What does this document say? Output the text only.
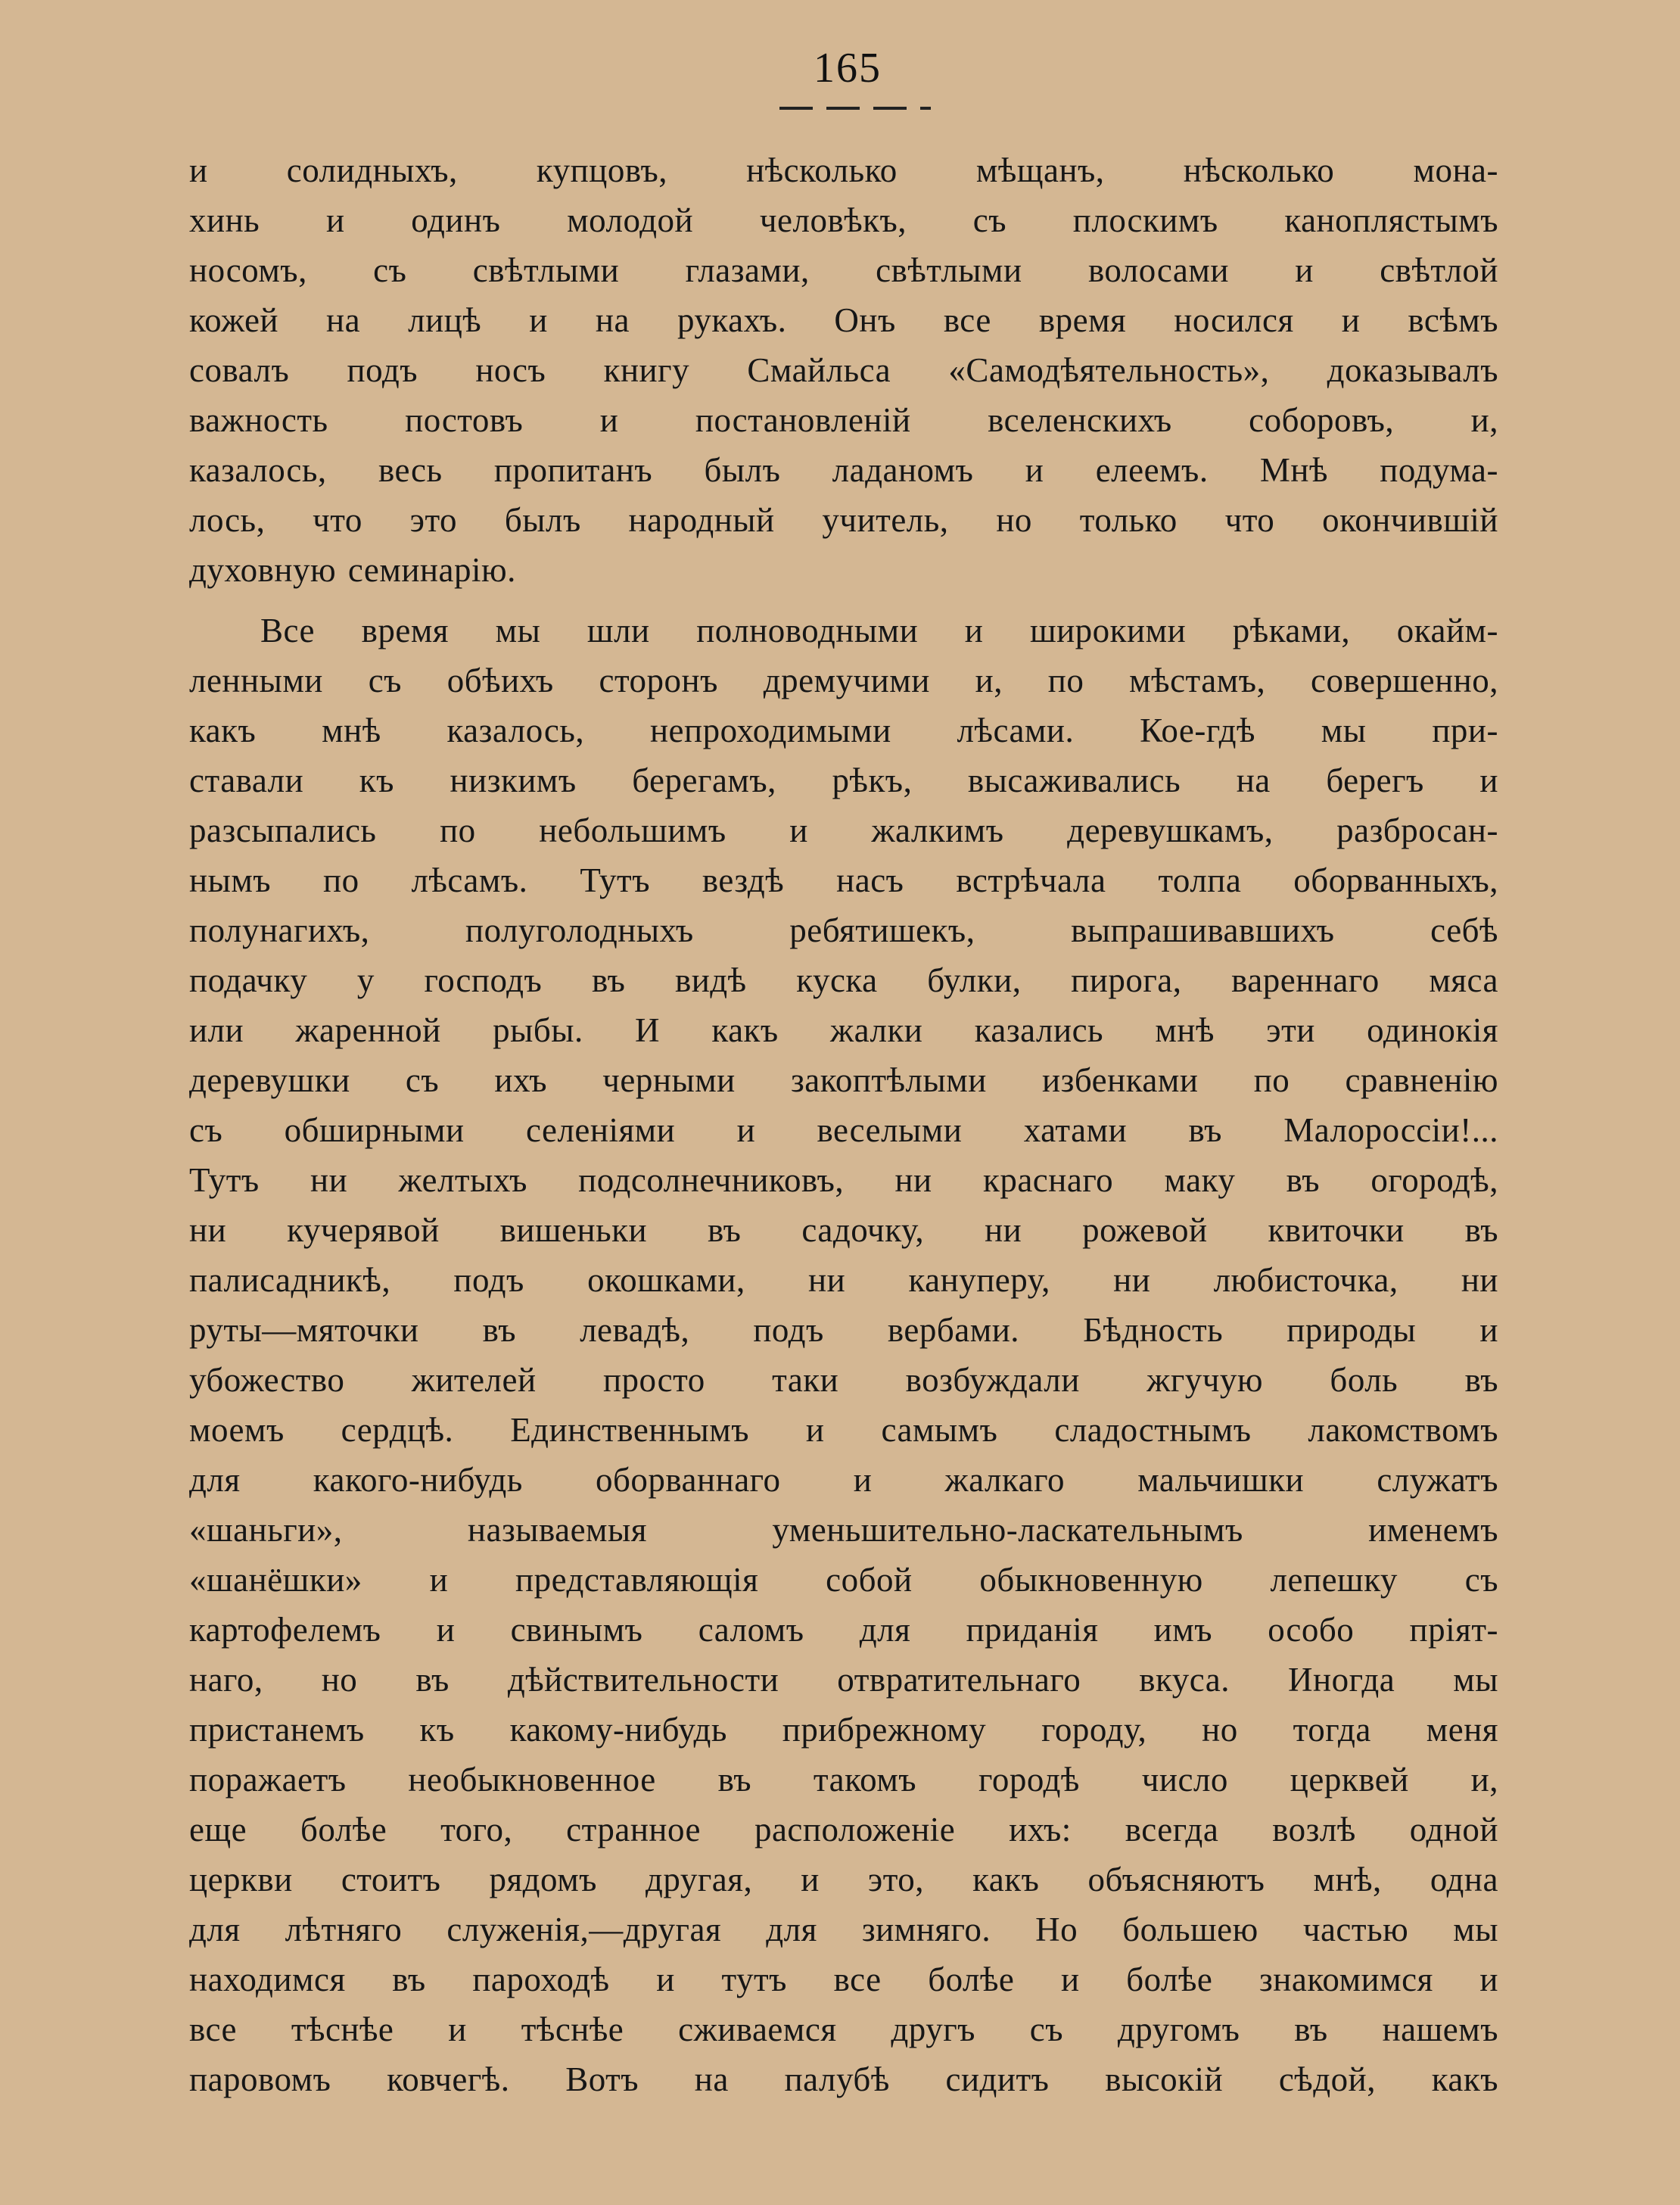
165
и солидныхъ, купцовъ, нѣсколько мѣщанъ, нѣсколько мона-
хинь и одинъ молодой человѣкъ, съ плоскимъ каноплястымъ
носомъ, съ свѣтлыми глазами, свѣтлыми волосами и свѣтлой
кожей на лицѣ и на рукахъ. Онъ все время носился и всѣмъ
совалъ подъ носъ книгу Смайльса «Самодѣятельность», доказывалъ
важность постовъ и постановленій вселенскихъ соборовъ, и,
казалось, весь пропитанъ былъ ладаномъ и елеемъ. Мнѣ подума-
лось, что это былъ народный учитель, но только что окончившій
духовную семинарію.
Все время мы шли полноводными и широкими рѣками, окайм-
ленными съ обѣихъ сторонъ дремучими и, по мѣстамъ, совершенно,
какъ мнѣ казалось, непроходимыми лѣсами. Кое-гдѣ мы при-
ставали къ низкимъ берегамъ, рѣкъ, высаживались на берегъ и
разсыпались по небольшимъ и жалкимъ деревушкамъ, разбросан-
нымъ по лѣсамъ. Тутъ вездѣ насъ встрѣчала толпа оборванныхъ,
полунагихъ, полуголодныхъ ребятишекъ, выпрашивавшихъ себѣ
подачку у господъ въ видѣ куска булки, пирога, вареннаго мяса
или жаренной рыбы. И какъ жалки казались мнѣ эти одинокія
деревушки съ ихъ черными закоптѣлыми избенками по сравненію
съ обширными селеніями и веселыми хатами въ Малороссіи!...
Тутъ ни желтыхъ подсолнечниковъ, ни краснаго маку въ огородѣ,
ни кучерявой вишеньки въ садочку, ни рожевой квиточки въ
палисадникѣ, подъ окошками, ни кануперу, ни любисточка, ни
руты—мяточки въ левадѣ, подъ вербами. Бѣдность природы и
убожество жителей просто таки возбуждали жгучую боль въ
моемъ сердцѣ. Единственнымъ и самымъ сладостнымъ лакомствомъ
для какого-нибудь оборваннаго и жалкаго мальчишки служатъ
«шаньги», называемыя уменьшительно-ласкательнымъ именемъ
«шанёшки» и представляющія собой обыкновенную лепешку съ
картофелемъ и свинымъ саломъ для приданія имъ особо пріят-
наго, но въ дѣйствительности отвратительнаго вкуса. Иногда мы
пристанемъ къ какому-нибудь прибрежному городу, но тогда меня
поражаетъ необыкновенное въ такомъ городѣ число церквей и,
еще болѣе того, странное расположеніе ихъ: всегда возлѣ одной
церкви стоитъ рядомъ другая, и это, какъ объясняютъ мнѣ, одна
для лѣтняго служенія,—другая для зимняго. Но большею частью мы
находимся въ пароходѣ и тутъ все болѣе и болѣе знакомимся и
все тѣснѣе и тѣснѣе сживаемся другъ съ другомъ въ нашемъ
паровомъ ковчегѣ. Вотъ на палубѣ сидитъ высокій сѣдой, какъ
